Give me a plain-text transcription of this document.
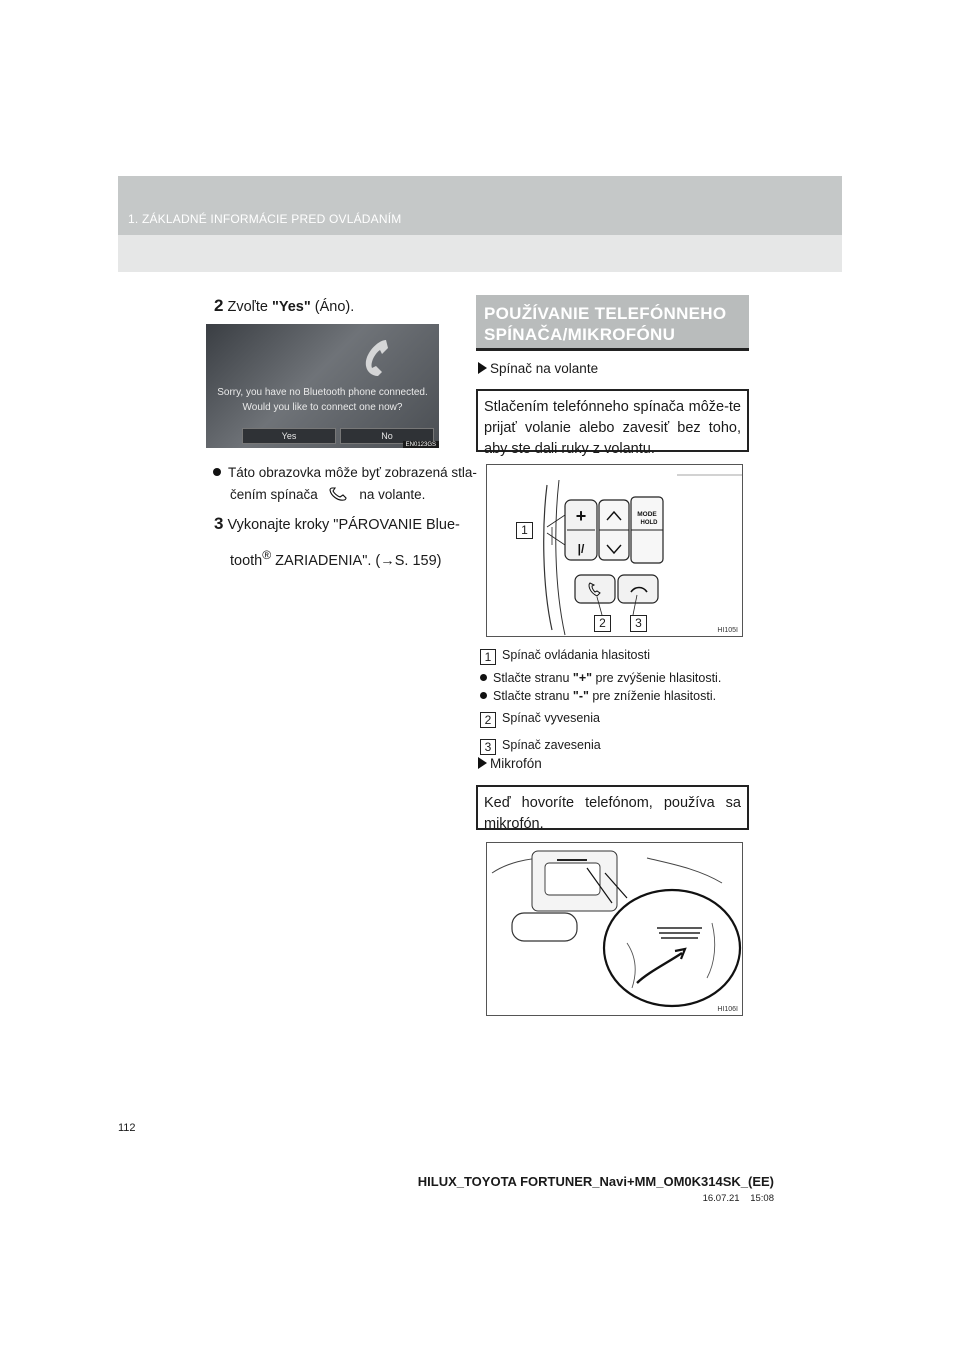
1. ZÁKLADNÉ INFORMÁCIE PRED OVLÁDANÍM
2 Zvoľte "Yes" (Áno).
Sorry, you have no Bluetooth phone connected.
Would you like to connect one now?
Yes	No
EN0123GS
Táto obrazovka môže byť zobrazená stla-
čením spínača	na volante.
3 Vykonajte kroky "PÁROVANIE Blue-
tooth® ZARIADENIA". (→S. 159)
POUŽÍVANIE TELEFÓNNEHO
SPÍNAČA/MIKROFÓNU
Spínač na volante
Stlačením telefónneho spínača môže-te prijať volanie alebo zavesiť bez toho, aby ste dali ruky z volantu.
+
|/
MODE
HOLD
1
2	3
HI105I
1 Spínač ovládania hlasitosti
Stlačte stranu "+" pre zvýšenie hlasitosti.
Stlačte stranu "-" pre zníženie hlasitosti.
2 Spínač vyvesenia
3 Spínač zavesenia
Mikrofón
Keď hovoríte telefónom, používa sa mikrofón.
HI106I
112
HILUX_TOYOTA FORTUNER_Navi+MM_OM0K314SK_(EE)
16.07.21 15:08
